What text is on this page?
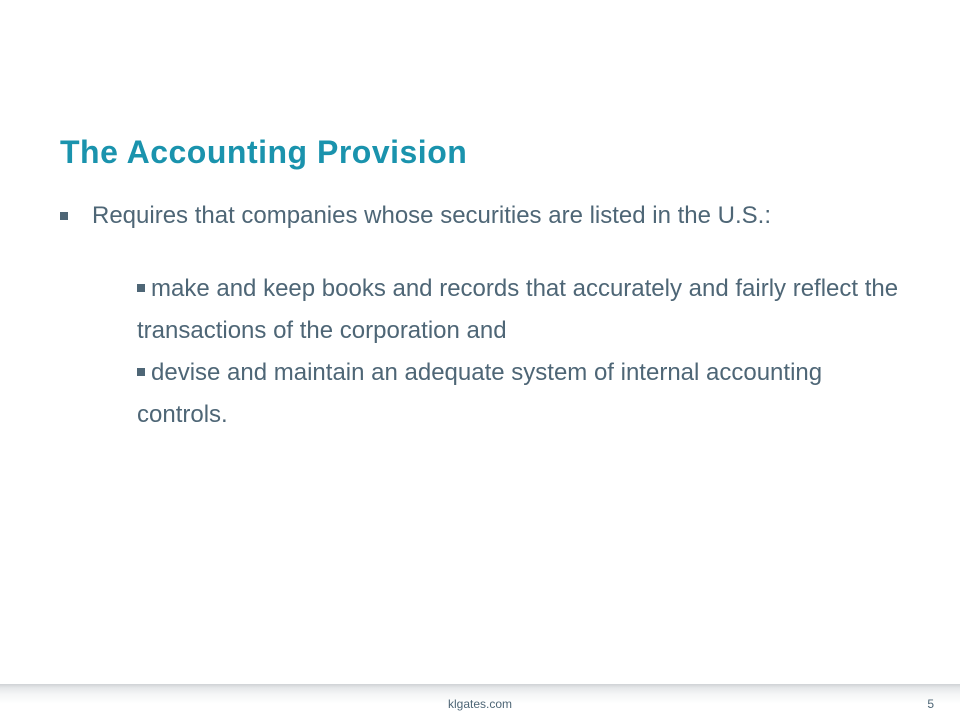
The Accounting Provision
Requires that companies whose securities are listed in the U.S.:
make and keep books and records that accurately and fairly reflect the transactions of the corporation and
devise and maintain an adequate system of internal accounting controls.
klgates.com	5
